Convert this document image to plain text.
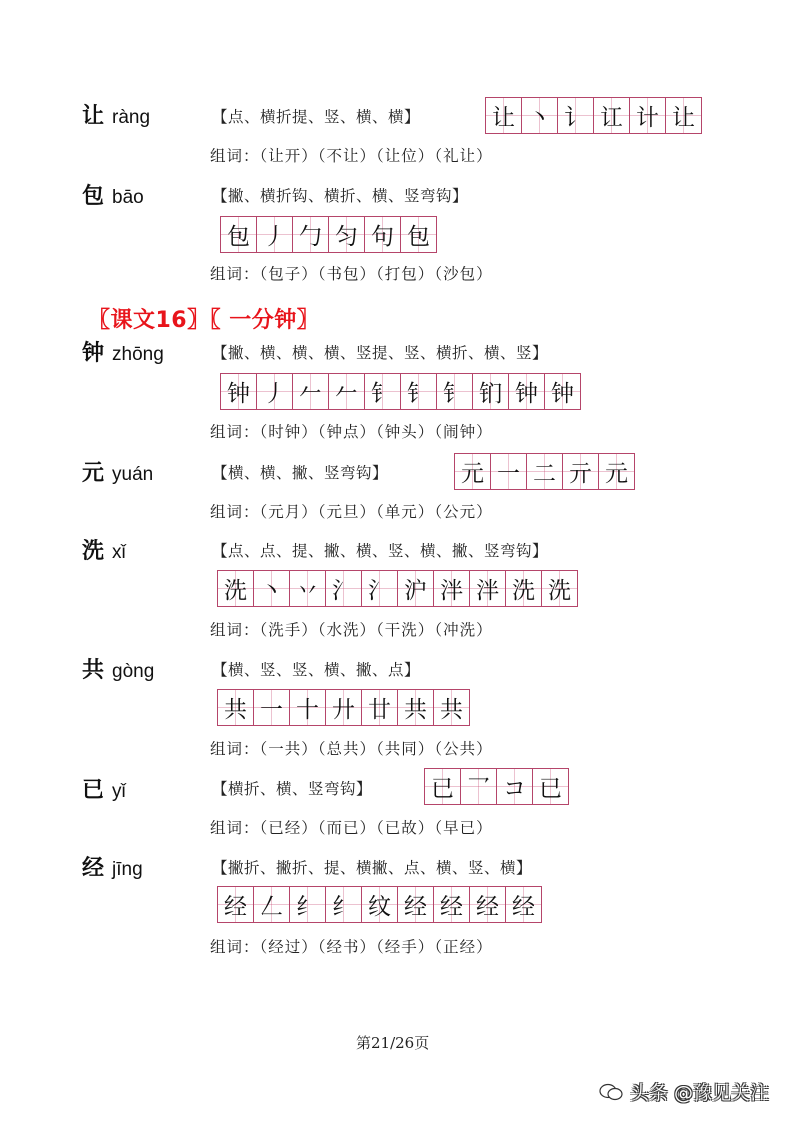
让 ràng	【点、横折提、竖、横、横】	让 丶 讠 讧 计 让
组词：（让开）（不让）（让位）（礼让）
包 bāo	【撇、横折钩、横折、横、竖弯钩】
包 丿 勹 匀 句 包
组词：（包子）（书包）（打包）（沙包）
〖课文16〗〖 一分钟〗
钟 zhōng	【撇、横、横、横、竖提、竖、横折、横、竖】
钟 丿 𠂉 𠂉 钅 钅 钅 钔 钟 钟
组词：（时钟）（钟点）（钟头）（闹钟）
元 yuán	【横、横、撇、竖弯钩】	元 一 二 亓 元
组词：（元月）（元旦）（单元）（公元）
洗 xǐ	【点、点、提、撇、横、竖、横、撇、竖弯钩】
洗 丶 丷 氵 氵 沪 泮 泮 洗 洗
组词：（洗手）（水洗）（干洗）（冲洗）
共 gòng	【横、竖、竖、横、撇、点】
共 一 十 廾 廿 共 共
组词：（一共）（总共）（共同）（公共）
已 yǐ	【横折、横、竖弯钩】	已 乛 コ 已
组词：（已经）（而已）（已故）（早已）
经 jīng	【撇折、撇折、提、横撇、点、横、竖、横】
经 𠃋 纟 纟 纹 经 经 经 经
组词：（经过）（经书）（经手）（正经）
第21/26页
头条 @豫见关注
